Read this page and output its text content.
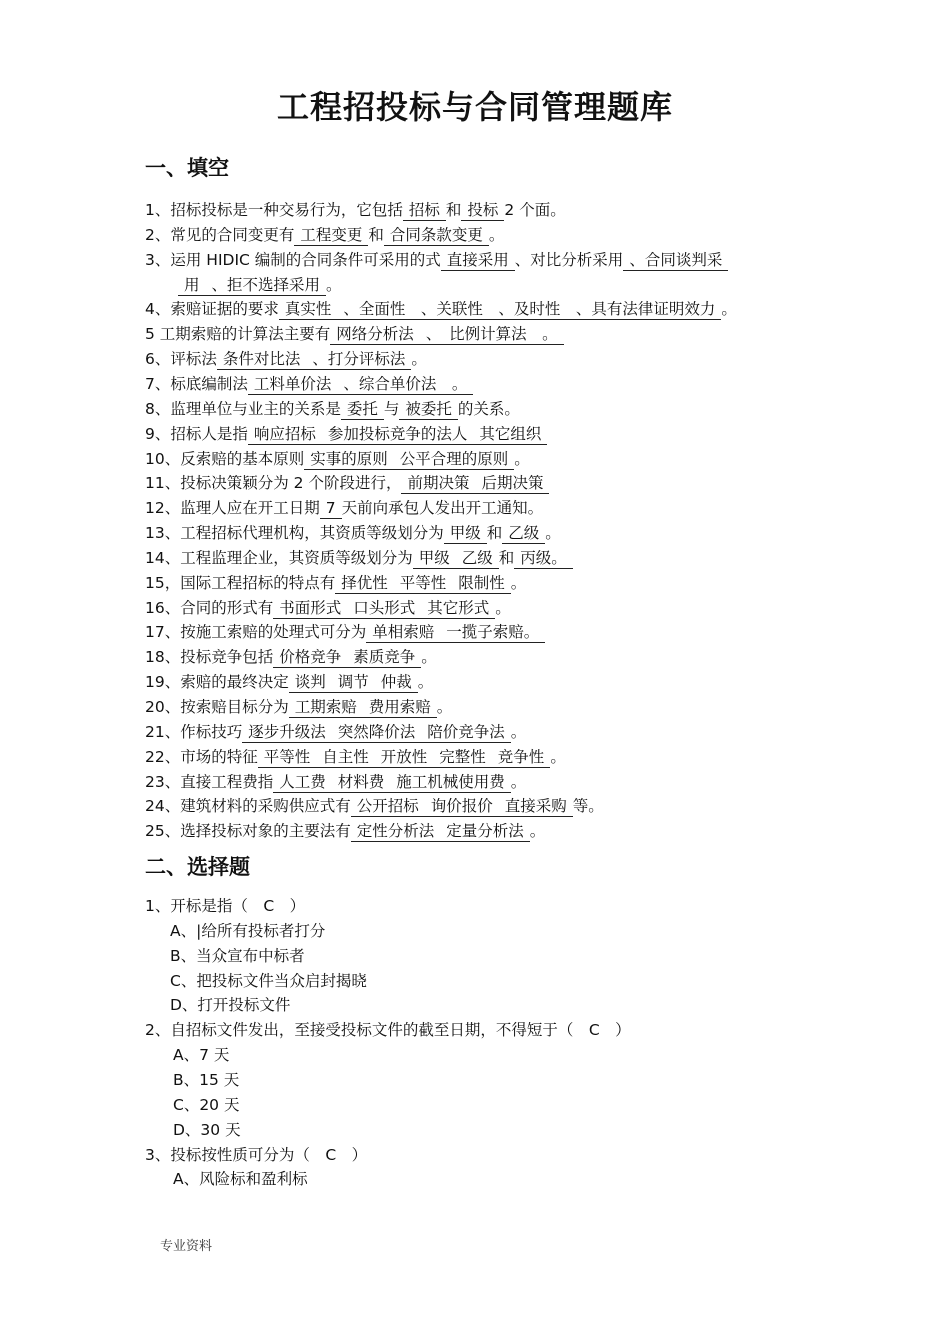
工程招投标与合同管理题库
一、填空
1、招标投标是一种交易行为，它包括 招标 和 投标 2 个面。
2、常见的合同变更有 工程变更 和 合同条款变更 。
3、运用 HIDIC 编制的合同条件可采用的式 直接采用 、对比分析采用 、合同谈判采
用 、拒不选择采用 。
4、索赔证据的要求 真实性 、全面性　、关联性　、及时性　、具有法律证明效力 。
5 工期索赔的计算法主要有 网络分析法 、　比例计算法　。
6、评标法 条件对比法 、打分评标法 。
7、标底编制法 工料单价法 、综合单价法　。
8、监理单位与业主的关系是 委托 与 被委托 的关系。
9、招标人是指 响应招标 参加投标竞争的法人 其它组织
10、反索赔的基本原则 实事的原则 公平合理的原则 。
11、投标决策颖分为 2 个阶段进行， 前期决策 后期决策
12、监理人应在开工日期 7 天前向承包人发出开工通知。
13、工程招标代理机构，其资质等级划分为 甲级 和 乙级 。
14、工程监理企业，其资质等级划分为 甲级 乙级 和 丙级。
15，国际工程招标的特点有 择优性 平等性 限制性 。
16、合同的形式有 书面形式 口头形式 其它形式 。
17、按施工索赔的处理式可分为 单相索赔 一揽子索赔。
18、投标竞争包括 价格竞争 素质竞争 。
19、索赔的最终决定 谈判 调节 仲裁 。
20、按索赔目标分为 工期索赔 费用索赔 。
21、作标技巧 逐步升级法 突然降价法 陪价竞争法 。
22、市场的特征 平等性 自主性 开放性 完整性 竞争性 。
23、直接工程费指 人工费 材料费 施工机械使用费 。
24、建筑材料的采购供应式有 公开招标 询价报价 直接采购 等。
25、选择投标对象的主要法有 定性分析法 定量分析法 。
二、选择题
1、开标是指（　C　）
A、|给所有投标者打分
B、当众宣布中标者
C、把投标文件当众启封揭晓
D、打开投标文件
2、自招标文件发出，至接受投标文件的截至日期，不得短于（　C　）
A、7 天
B、15 天
C、20 天
D、30 天
3、投标按性质可分为（　C　）
A、风险标和盈利标
专业资料
